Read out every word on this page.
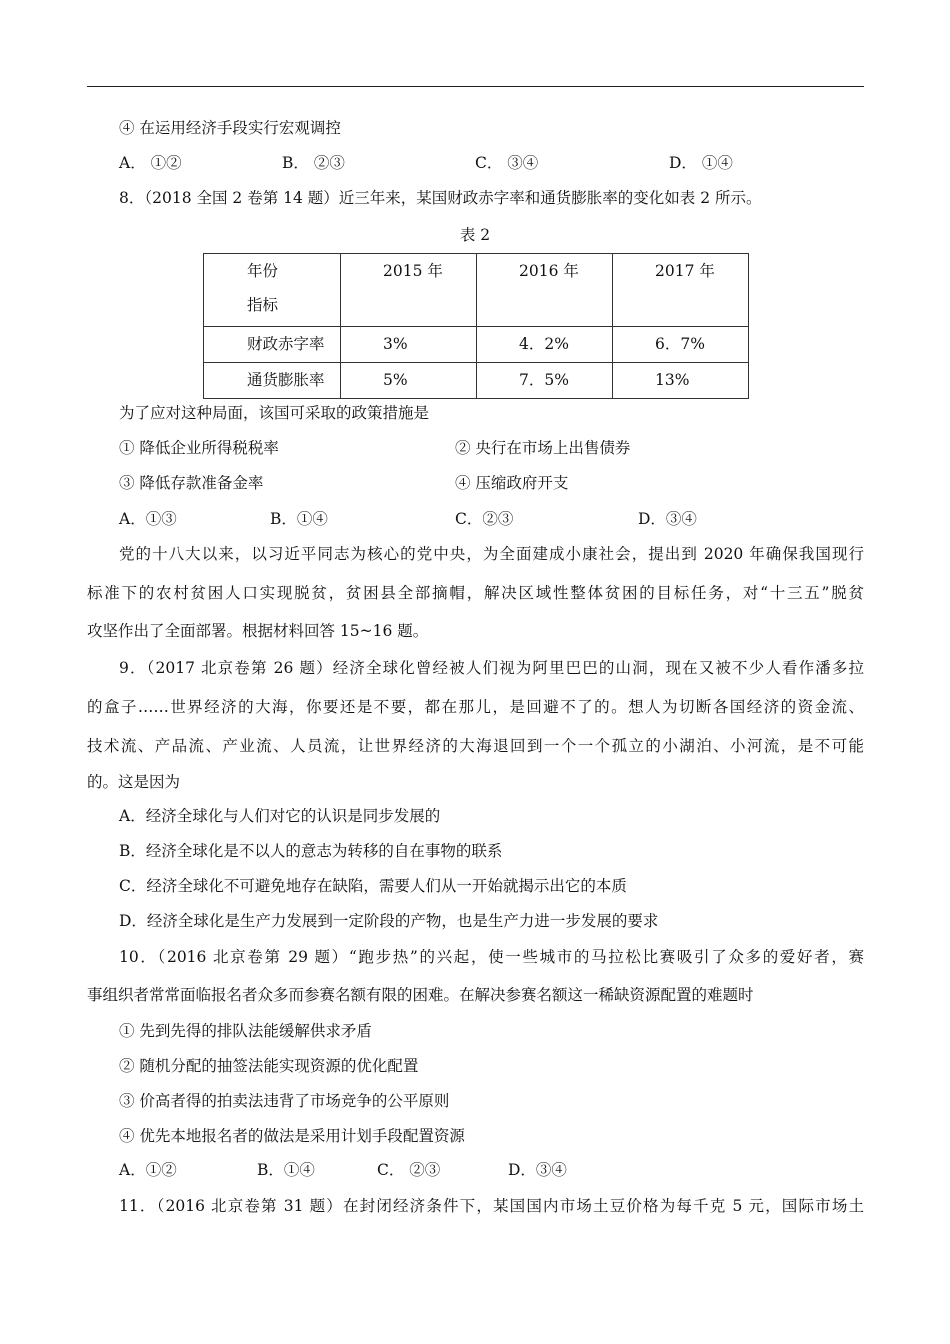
④ 在运用经济手段实行宏观调控
A． ①②	B． ②③	C． ③④	D． ①④
8．（2018 全国 2 卷第 14 题）近三年来，某国财政赤字率和通货膨胀率的变化如表 2 所示。
表 2
年份
指标	2015 年	2016 年	2017 年

财政赤字率	3%	4．2%	6．7%

通货膨胀率	5%	7．5%	13%
为了应对这种局面，该国可采取的政策措施是
① 降低企业所得税税率	② 央行在市场上出售债券
③ 降低存款准备金率	④ 压缩政府开支
A．①③	B．①④	C．②③	D．③④
党的十八大以来，以习近平同志为核心的党中央，为全面建成小康社会，提出到 2020 年确保我国现行
标准下的农村贫困人口实现脱贫，贫困县全部摘帽，解决区域性整体贫困的目标任务，对“十三五”脱贫
攻坚作出了全面部署。根据材料回答 15~16 题。
9．（2017 北京卷第 26 题）经济全球化曾经被人们视为阿里巴巴的山洞，现在又被不少人看作潘多拉
的盒子……世界经济的大海，你要还是不要，都在那儿，是回避不了的。想人为切断各国经济的资金流、
技术流、产品流、产业流、人员流，让世界经济的大海退回到一个一个孤立的小湖泊、小河流，是不可能
的。这是因为
A．经济全球化与人们对它的认识是同步发展的
B．经济全球化是不以人的意志为转移的自在事物的联系
C．经济全球化不可避免地存在缺陷，需要人们从一开始就揭示出它的本质
D．经济全球化是生产力发展到一定阶段的产物，也是生产力进一步发展的要求
10．（2016 北京卷第 29 题）“跑步热”的兴起，使一些城市的马拉松比赛吸引了众多的爱好者，赛
事组织者常常面临报名者众多而参赛名额有限的困难。在解决参赛名额这一稀缺资源配置的难题时
① 先到先得的排队法能缓解供求矛盾
② 随机分配的抽签法能实现资源的优化配置
③ 价高者得的拍卖法违背了市场竞争的公平原则
④ 优先本地报名者的做法是采用计划手段配置资源
A．①②	B．①④	C． ②③	D．③④
11．（2016 北京卷第 31 题）在封闭经济条件下，某国国内市场土豆价格为每千克 5 元，国际市场土
